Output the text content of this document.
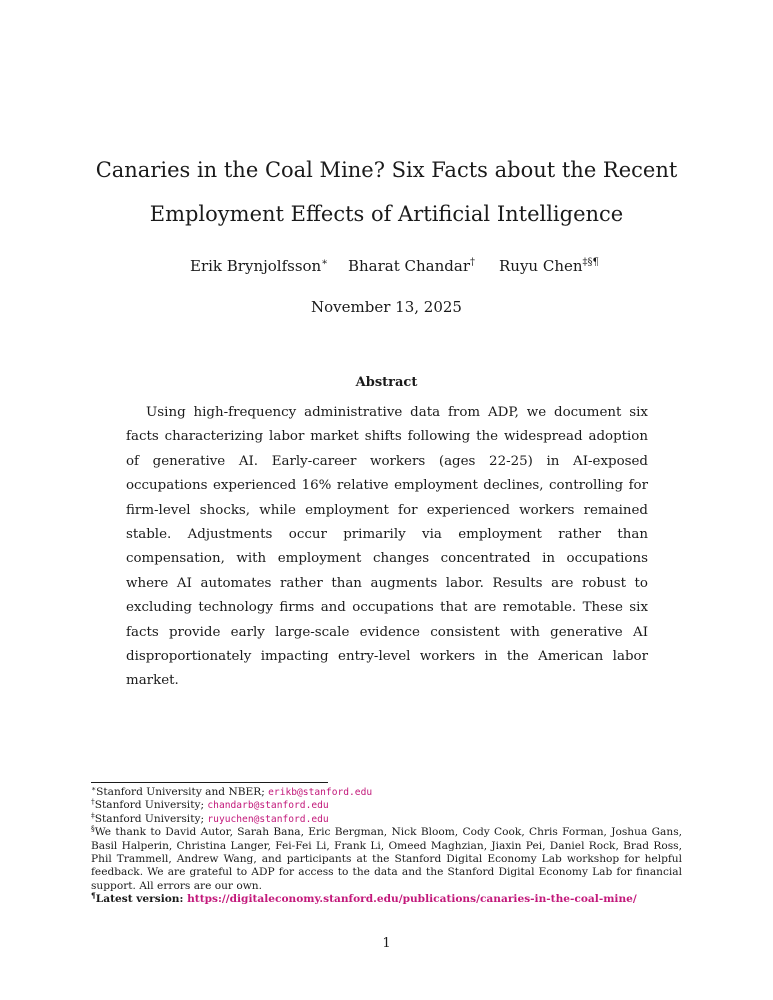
Canaries in the Coal Mine? Six Facts about the Recent
Employment Effects of Artificial Intelligence
Erik Brynjolfsson∗ Bharat Chandar† Ruyu Chen‡§¶
November 13, 2025
Abstract

Using high-frequency administrative data from ADP, we document six facts characterizing labor market shifts following the widespread adoption of generative AI. Early-career workers (ages 22-25) in AI-exposed occupations experienced 16% relative employment declines, controlling for firm-level shocks, while employment for experienced workers remained stable. Adjustments occur primarily via employment rather than compensation, with employment changes concentrated in occupations where AI automates rather than augments labor. Results are robust to excluding technology firms and occupations that are remotable. These six facts provide early large-scale evidence consistent with generative AI disproportionately impacting entry-level workers in the American labor market.

∗Stanford University and NBER; erikb@stanford.edu

†Stanford University; chandarb@stanford.edu

‡Stanford University; ruyuchen@stanford.edu

§We thank to David Autor, Sarah Bana, Eric Bergman, Nick Bloom, Cody Cook, Chris Forman, Joshua Gans, Basil Halperin, Christina Langer, Fei-Fei Li, Frank Li, Omeed Maghzian, Jiaxin Pei, Daniel Rock, Brad Ross, Phil Trammell, Andrew Wang, and participants at the Stanford Digital Economy Lab workshop for helpful feedback. We are grateful to ADP for access to the data and the Stanford Digital Economy Lab for financial support. All errors are our own.

¶Latest version: https://digitaleconomy.stanford.edu/publications/canaries-in-the-coal-mine/

1
